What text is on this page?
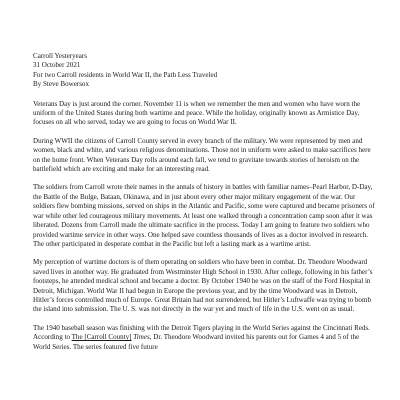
Carroll Yesteryears
31 October 2021
For two Carroll residents in World War II, the Path Less Traveled
By Steve Bowersox

Veterans Day is just around the corner. November 11 is when we remember the men and women who have worn the uniform of the United States during both wartime and peace. While the holiday, originally known as Armistice Day, focuses on all who served, today we are going to focus on World War II.

During WWII the citizens of Carroll County served in every branch of the military. We were represented by men and women, black and white, and various religious denominations. Those not in uniform were asked to make sacrifices here on the home front. When Veterans Day rolls around each fall, we tend to gravitate towards stories of heroism on the battlefield which are exciting and make for an interesting read.

The soldiers from Carroll wrote their names in the annals of history in battles with familiar names–Pearl Harbor, D-Day, the Battle of the Bulge, Bataan, Okinawa, and in just about every other major military engagement of the war. Our soldiers flew bombing missions, served on ships in the Atlantic and Pacific, some were captured and became prisoners of war while other led courageous military movements. At least one walked through a concentration camp soon after it was liberated. Dozens from Carroll made the ultimate sacrifice in the process. Today I am going to feature two soldiers who provided wartime service in other ways. One helped save countless thousands of lives as a doctor involved in research. The other participated in desperate combat in the Pacific but left a lasting mark as a wartime artist.

My perception of wartime doctors is of them operating on soldiers who have been in combat. Dr. Theodore Woodward saved lives in another way. He graduated from Westminster High School in 1930. After college, following in his father’s footsteps, he attended medical school and became a doctor. By October 1940 he was on the staff of the Ford Hospital in Detroit, Michigan. World War II had begun in Europe the previous year, and by the time Woodward was in Detroit, Hitler’s forces controlled much of Europe. Great Britain had not surrendered, but Hitler’s Luftwaffe was trying to bomb the island into submission. The U. S. was not directly in the war yet and much of life in the U.S. went on as usual.

The 1940 baseball season was finishing with the Detroit Tigers playing in the World Series against the Cincinnati Reds. According to The [Carroll County] Times, Dr. Theodore Woodward invited his parents out for Games 4 and 5 of the World Series. The series featured five future
